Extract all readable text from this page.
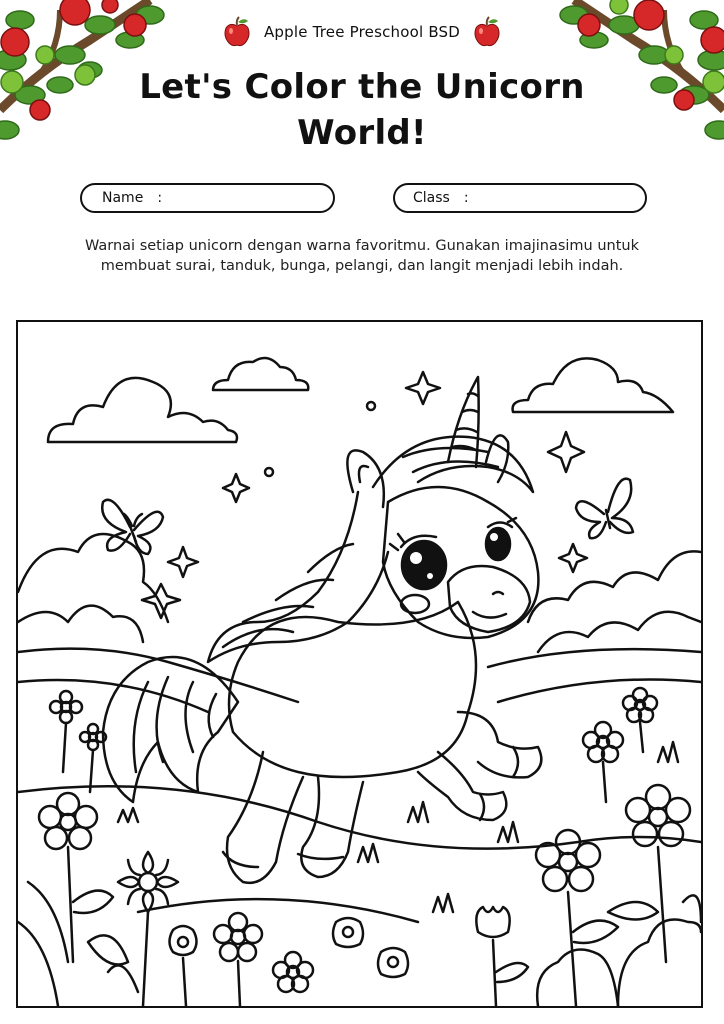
Apple Tree Preschool BSD
Let's Color the Unicorn
World!
Name :	Class :
Warnai setiap unicorn dengan warna favoritmu. Gunakan imajinasimu untuk
membuat surai, tanduk, bunga, pelangi, dan langit menjadi lebih indah.
